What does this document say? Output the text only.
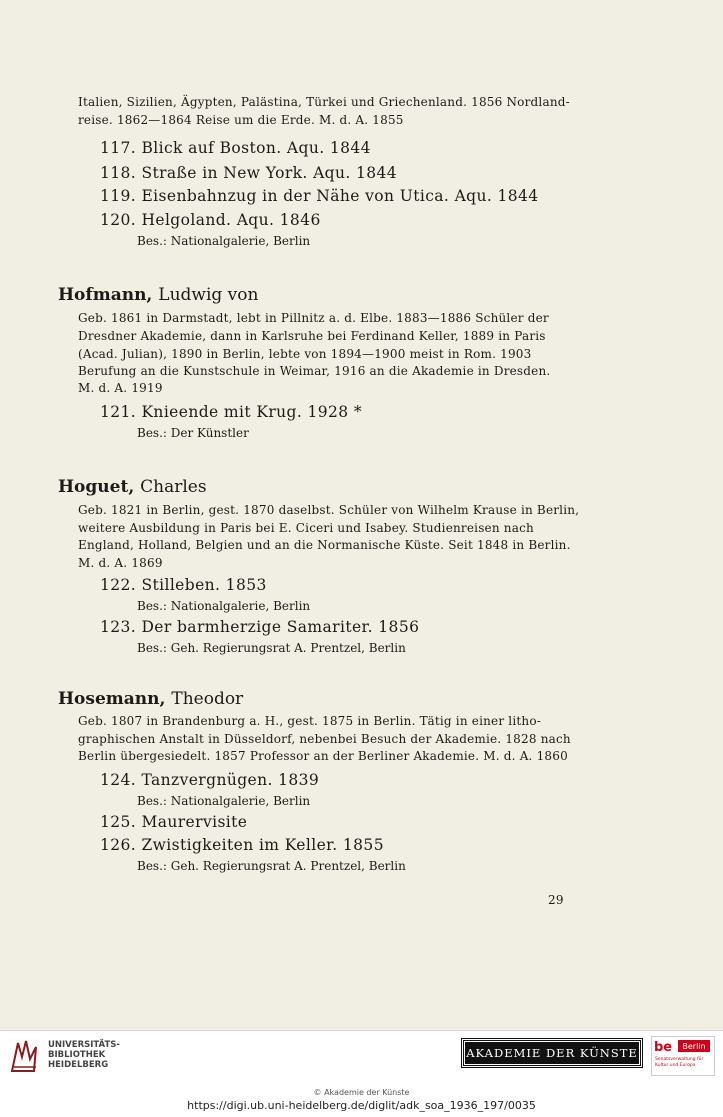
Italien, Sizilien, Ägypten, Palästina, Türkei und Griechenland. 1856 Nordland-
reise. 1862—1864 Reise um die Erde. M. d. A. 1855
117. Blick auf Boston. Aqu. 1844
118. Straße in New York. Aqu. 1844
119. Eisenbahnzug in der Nähe von Utica. Aqu. 1844
120. Helgoland. Aqu. 1846
Bes.: Nationalgalerie, Berlin
Hofmann, Ludwig von
Geb. 1861 in Darmstadt, lebt in Pillnitz a. d. Elbe. 1883—1886 Schüler der
Dresdner Akademie, dann in Karlsruhe bei Ferdinand Keller, 1889 in Paris
(Acad. Julian), 1890 in Berlin, lebte von 1894—1900 meist in Rom. 1903
Berufung an die Kunstschule in Weimar, 1916 an die Akademie in Dresden.
M. d. A. 1919
121. Knieende mit Krug. 1928 *
Bes.: Der Künstler
Hoguet, Charles
Geb. 1821 in Berlin, gest. 1870 daselbst. Schüler von Wilhelm Krause in Berlin,
weitere Ausbildung in Paris bei E. Ciceri und Isabey. Studienreisen nach
England, Holland, Belgien und an die Normanische Küste. Seit 1848 in Berlin.
M. d. A. 1869
122. Stilleben. 1853
Bes.: Nationalgalerie, Berlin
123. Der barmherzige Samariter. 1856
Bes.: Geh. Regierungsrat A. Prentzel, Berlin
Hosemann, Theodor
Geb. 1807 in Brandenburg a. H., gest. 1875 in Berlin. Tätig in einer litho-
graphischen Anstalt in Düsseldorf, nebenbei Besuch der Akademie. 1828 nach
Berlin übergesiedelt. 1857 Professor an der Berliner Akademie. M. d. A. 1860
124. Tanzvergnügen. 1839
Bes.: Nationalgalerie, Berlin
125. Maurervisite
126. Zwistigkeiten im Keller. 1855
Bes.: Geh. Regierungsrat A. Prentzel, Berlin
29
UNIVERSITÄTS-
BIBLIOTHEK
HEIDELBERG
AKADEMIE DER KÜNSTE	be	Berlin
Senatsverwaltung für Kultur und Europa
© Akademie der Künste
https://digi.ub.uni-heidelberg.de/diglit/adk_soa_1936_197/0035
